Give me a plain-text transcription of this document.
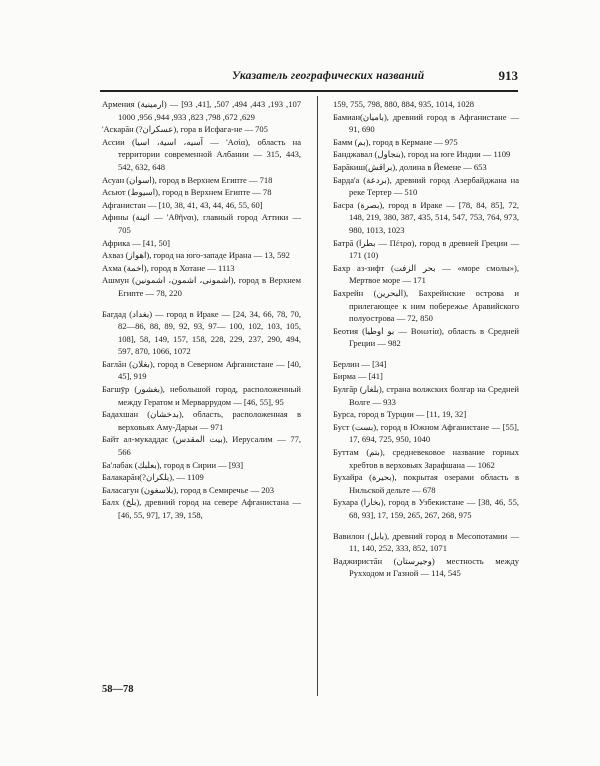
Указатель географических названий	913

Армения (ارمينية) — [41, 93], 107, 193, 443, 494, 507, 629, 672, 798, 823, 933, 944, 956, 1000

'Аскарāн (?عسكران), гора в Исфага-не — 705

Асcии (آسيه، اسية، اسيا — 'Ασία), область на территории современной Албании — 315, 443, 542, 632, 648

Асуан (اسوان), город в Верхнем Египте — 718

Асьют (اسيوط), город в Верхнем Египте — 78

Афганистан — [10, 38, 41, 43, 44, 46, 55, 60]

Афины (اثينة — 'Αθῆναι), главный город Аттики — 705

Африка — [41, 50]

Ахваз (اهواز), город на юго-западе Ирана — 13, 592

Ахма (اخمة), город в Хотане — 1113

Ашмун (اشمونی، اشمون، اشمونين), город в Верхнем Египте — 78, 220

Багдад (بغداد) — город в Ираке — [24, 34, 66, 78, 70, 82—86, 88, 89, 92, 93, 97— 100, 102, 103, 105, 108], 58, 149, 157, 158, 228, 229, 237, 290, 494, 597, 870, 1066, 1072

Баглāн (بغلان), город в Северном Афганистане — [40, 45], 919

Багшӯр (بغشور), небольшой город, расположенный между Гератом и Мерваррудом — [46, 55], 95

Бадахшан (بدخشان), область, расположенная в верховьях Аму-Дарьи — 971

Байт ал-мукаддас (بيت المقدس), Иерусалим — 77, 566

Ба'лабак (بعلبك), город в Сирии — [93]

Балакарāн(?بلكران), — 1109

Баласагун (بلاسغون), город в Семиречье — 203

Балх (بلخ), древний город на севере Афганистана — [46, 55, 97], 17, 39, 158,

159, 755, 798, 880, 884, 935, 1014, 1028

Бамиан(باميان), древний город в Афганистане — 91, 690

Бамм (بم), город в Кермане — 975

Банджавал (بنجاول), город на юге Индии — 1109

Барāкиш(براقش), долина в Йемене — 653

Барда'а (بردعة), древний город Азербайджана на реке Тертер — 510

Басра (بصرة), город в Ираке — [78, 84, 85], 72, 148, 219, 380, 387, 435, 514, 547, 753, 764, 973, 980, 1013, 1023

Батрā (بطرا — Πέτρα), город в древней Греции — 171 (10)

Бахр аз-зифт (بحر الزفت — «море смолы»), Мертвое море — 171

Бахрейн (البحرين), Бахрейнские острова и прилегающее к ним побережье Аравийского полуострова — 72, 850

Беотия (بو اوطيا — Βοιωτία), область в Средней Греции — 982

Берлин — [34]

Бирма — [41]

Булгāр (بلغار), страна волжских болгар на Средней Волге — 933

Бурса, город в Турции — [11, 19, 32]

Буст (بست), город в Южном Афганистане — [55], 17, 694, 725, 950, 1040

Буттам (بتم), средневековое название горных хребтов в верховьях Зарафшана — 1062

Бухайра (بحيرة), покрытая озерами область в Нильской дельте — 678

Бухара (بخارا), город в Узбекистане — [38, 46, 55, 68, 93], 17, 159, 265, 267, 268, 975

Вавилон (بابل), древний город в Месопотамии — 11, 140, 252, 333, 852, 1071

Ваджиристāн (وجيرستان) местность между Рухходом и Газной — 114, 545

58—78
